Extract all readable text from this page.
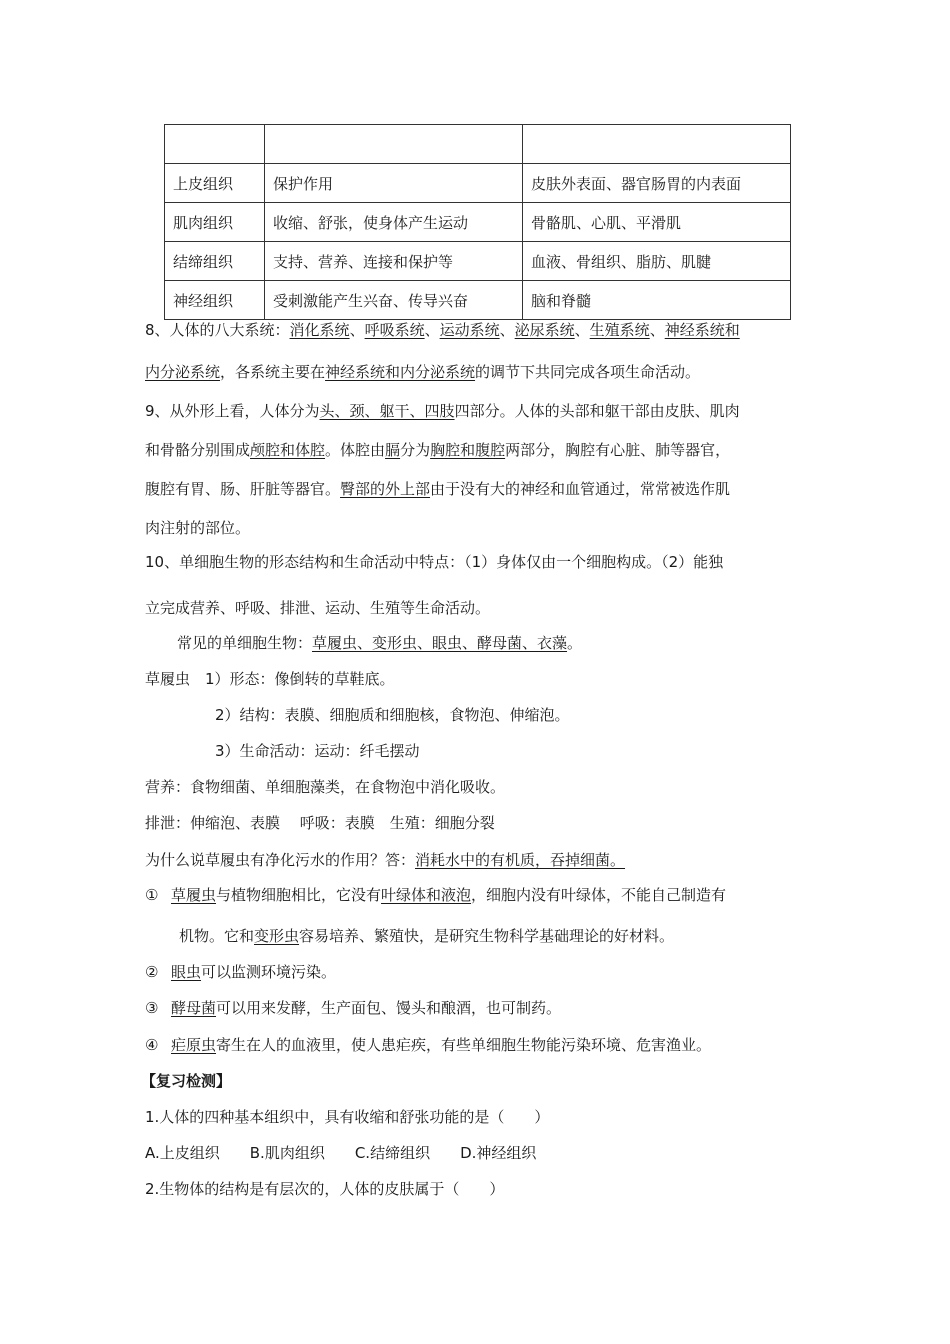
上皮组织	保护作用	皮肤外表面、器官肠胃的内表面
肌肉组织	收缩、舒张，使身体产生运动	骨骼肌、心肌、平滑肌
结缔组织	支持、营养、连接和保护等	血液、骨组织、脂肪、肌腱
神经组织	受刺激能产生兴奋、传导兴奋	脑和脊髓
8、人体的八大系统：消化系统、呼吸系统、运动系统、泌尿系统、生殖系统、神经系统和
内分泌系统，各系统主要在神经系统和内分泌系统的调节下共同完成各项生命活动。
9、从外形上看，人体分为头、颈、躯干、四肢四部分。人体的头部和躯干部由皮肤、肌肉
和骨骼分别围成颅腔和体腔。体腔由膈分为胸腔和腹腔两部分，胸腔有心脏、肺等器官，
腹腔有胃、肠、肝脏等器官。臀部的外上部由于没有大的神经和血管通过，常常被选作肌
肉注射的部位。
10、单细胞生物的形态结构和生命活动中特点：（1）身体仅由一个细胞构成。（2）能独
立完成营养、呼吸、排泄、运动、生殖等生命活动。
常见的单细胞生物：草履虫、变形虫、眼虫、酵母菌、衣藻。
草履虫　1）形态：像倒转的草鞋底。
2）结构：表膜、细胞质和细胞核，食物泡、伸缩泡。
3）生命活动：运动：纤毛摆动
营养：食物细菌、单细胞藻类，在食物泡中消化吸收。
排泄：伸缩泡、表膜　 呼吸：表膜　生殖：细胞分裂
为什么说草履虫有净化污水的作用？答：消耗水中的有机质，吞掉细菌。
① 草履虫与植物细胞相比，它没有叶绿体和液泡，细胞内没有叶绿体，不能自己制造有
机物。它和变形虫容易培养、繁殖快，是研究生物科学基础理论的好材料。
② 眼虫可以监测环境污染。
③ 酵母菌可以用来发酵，生产面包、馒头和酿酒，也可制药。
④ 疟原虫寄生在人的血液里，使人患疟疾，有些单细胞生物能污染环境、危害渔业。
【复习检测】
1.人体的四种基本组织中，具有收缩和舒张功能的是（　　）
A.上皮组织　　B.肌肉组织　　C.结缔组织　　D.神经组织
2.生物体的结构是有层次的，人体的皮肤属于（　　）
